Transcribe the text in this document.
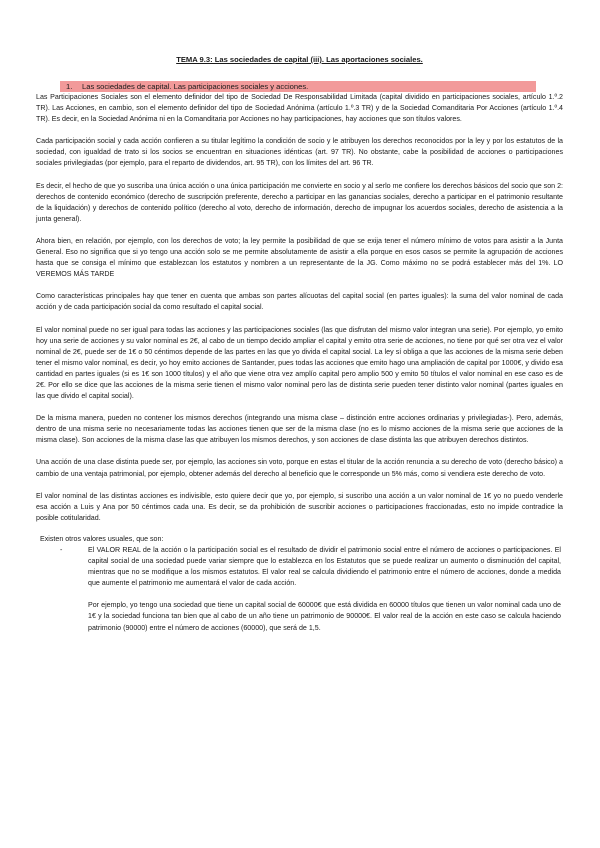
TEMA 9.3: Las sociedades de capital (iii). Las aportaciones sociales.
1. Las sociedades de capital. Las participaciones sociales y acciones.

Las Participaciones Sociales son el elemento definidor del tipo de Sociedad De Responsabilidad Limitada (capital dividido en participaciones sociales, artículo 1.º.2 TR). Las Acciones, en cambio, son el elemento definidor del tipo de Sociedad Anónima (artículo 1.º.3 TR) y de la Sociedad Comanditaria Por Acciones (artículo 1.º.4 TR). Es decir, en la Sociedad Anónima ni en la Comanditaria por Acciones no hay participaciones, hay acciones que son títulos valores.

Cada participación social y cada acción confieren a su titular legítimo la condición de socio y le atribuyen los derechos reconocidos por la ley y por los estatutos de la sociedad, con igualdad de trato si los socios se encuentran en situaciones idénticas (art. 97 TR). No obstante, cabe la posibilidad de acciones o participaciones sociales privilegiadas (por ejemplo, para el reparto de dividendos, art. 95 TR), con los límites del art. 96 TR.

Es decir, el hecho de que yo suscriba una única acción o una única participación me convierte en socio y al serlo me confiere los derechos básicos del socio que son 2: derechos de contenido económico (derecho de suscripción preferente, derecho a participar en las ganancias sociales, derecho a participar en el patrimonio resultante de la liquidación) y derechos de contenido político (derecho al voto, derecho de información, derecho de impugnar los acuerdos sociales, derecho de asistencia a la junta general).

Ahora bien, en relación, por ejemplo, con los derechos de voto; la ley permite la posibilidad de que se exija tener el número mínimo de votos para asistir a la Junta General. Eso no significa que si yo tengo una acción solo se me permite absolutamente de asistir a ella porque en esos casos se permite la agrupación de acciones hasta que se consiga el mínimo que establezcan los estatutos y nombren a un representante de la JG. Como máximo no se podrá establecer más del 1%. LO VEREMOS MÁS TARDE

Como características principales hay que tener en cuenta que ambas son partes alícuotas del capital social (en partes iguales): la suma del valor nominal de cada acción y de cada participación social da como resultado el capital social.

El valor nominal puede no ser igual para todas las acciones y las participaciones sociales (las que disfrutan del mismo valor integran una serie). Por ejemplo, yo emito hoy una serie de acciones y su valor nominal es 2€, al cabo de un tiempo decido ampliar el capital y emito otra serie de acciones, no tiene por qué ser otra vez el valor nominal de 2€, puede ser de 1€ o 50 céntimos depende de las partes en las que yo divida el capital social. La ley sí obliga a que las acciones de la misma serie deben tener el mismo valor nominal, es decir, yo hoy emito acciones de Santander, pues todas las acciones que emito hago una ampliación de capital por 1000€, y divido esa cantidad en partes iguales (si es 1€ son 1000 títulos) y el año que viene otra vez amplío capital pero amplio 500 y emito 50 títulos el valor nominal en ese caso es de 2€. Por ello se dice que las acciones de la misma serie tienen el mismo valor nominal pero las de distinta serie pueden tener distinto valor nominal (partes iguales en las que divido el capital social).

De la misma manera, pueden no contener los mismos derechos (integrando una misma clase – distinción entre acciones ordinarias y privilegiadas-). Pero, además, dentro de una misma serie no necesariamente todas las acciones tienen que ser de la misma clase (no es lo mismo acciones de la misma serie que acciones de la misma clase). Son acciones de la misma clase las que atribuyen los mismos derechos, y son acciones de clase distinta las que atribuyen derechos distintos.

Una acción de una clase distinta puede ser, por ejemplo, las acciones sin voto, porque en estas el titular de la acción renuncia a su derecho de voto (derecho básico) a cambio de una ventaja patrimonial, por ejemplo, obtener además del derecho al beneficio que le corresponde un 5% más, como si vendiera este derecho de voto.

El valor nominal de las distintas acciones es indivisible, esto quiere decir que yo, por ejemplo, si suscribo una acción a un valor nominal de 1€ yo no puedo venderle esa acción a Luis y Ana por 50 céntimos cada una. Es decir, se da prohibición de suscribir acciones o participaciones fraccionadas, esto no impide contradice la posible cotitularidad.

Existen otros valores usuales, que son:
-	El VALOR REAL de la acción o la participación social es el resultado de dividir el patrimonio social entre el número de acciones o participaciones. El capital social de una sociedad puede variar siempre que lo establezca en los Estatutos que se puede realizar un aumento o disminución del capital, mientras que no se modifique a los mismos estatutos. El valor real se calcula dividiendo el patrimonio entre el número de acciones, donde a medida que aumente el patrimonio me aumentará el valor de cada acción.

Por ejemplo, yo tengo una sociedad que tiene un capital social de 60000€ que está dividida en 60000 títulos que tienen un valor nominal cada uno de 1€ y la sociedad funciona tan bien que al cabo de un año tiene un patrimonio de 90000€. El valor real de la acción en este caso se calcula haciendo patrimonio (90000) entre el número de acciones (60000), que será de 1,5.
